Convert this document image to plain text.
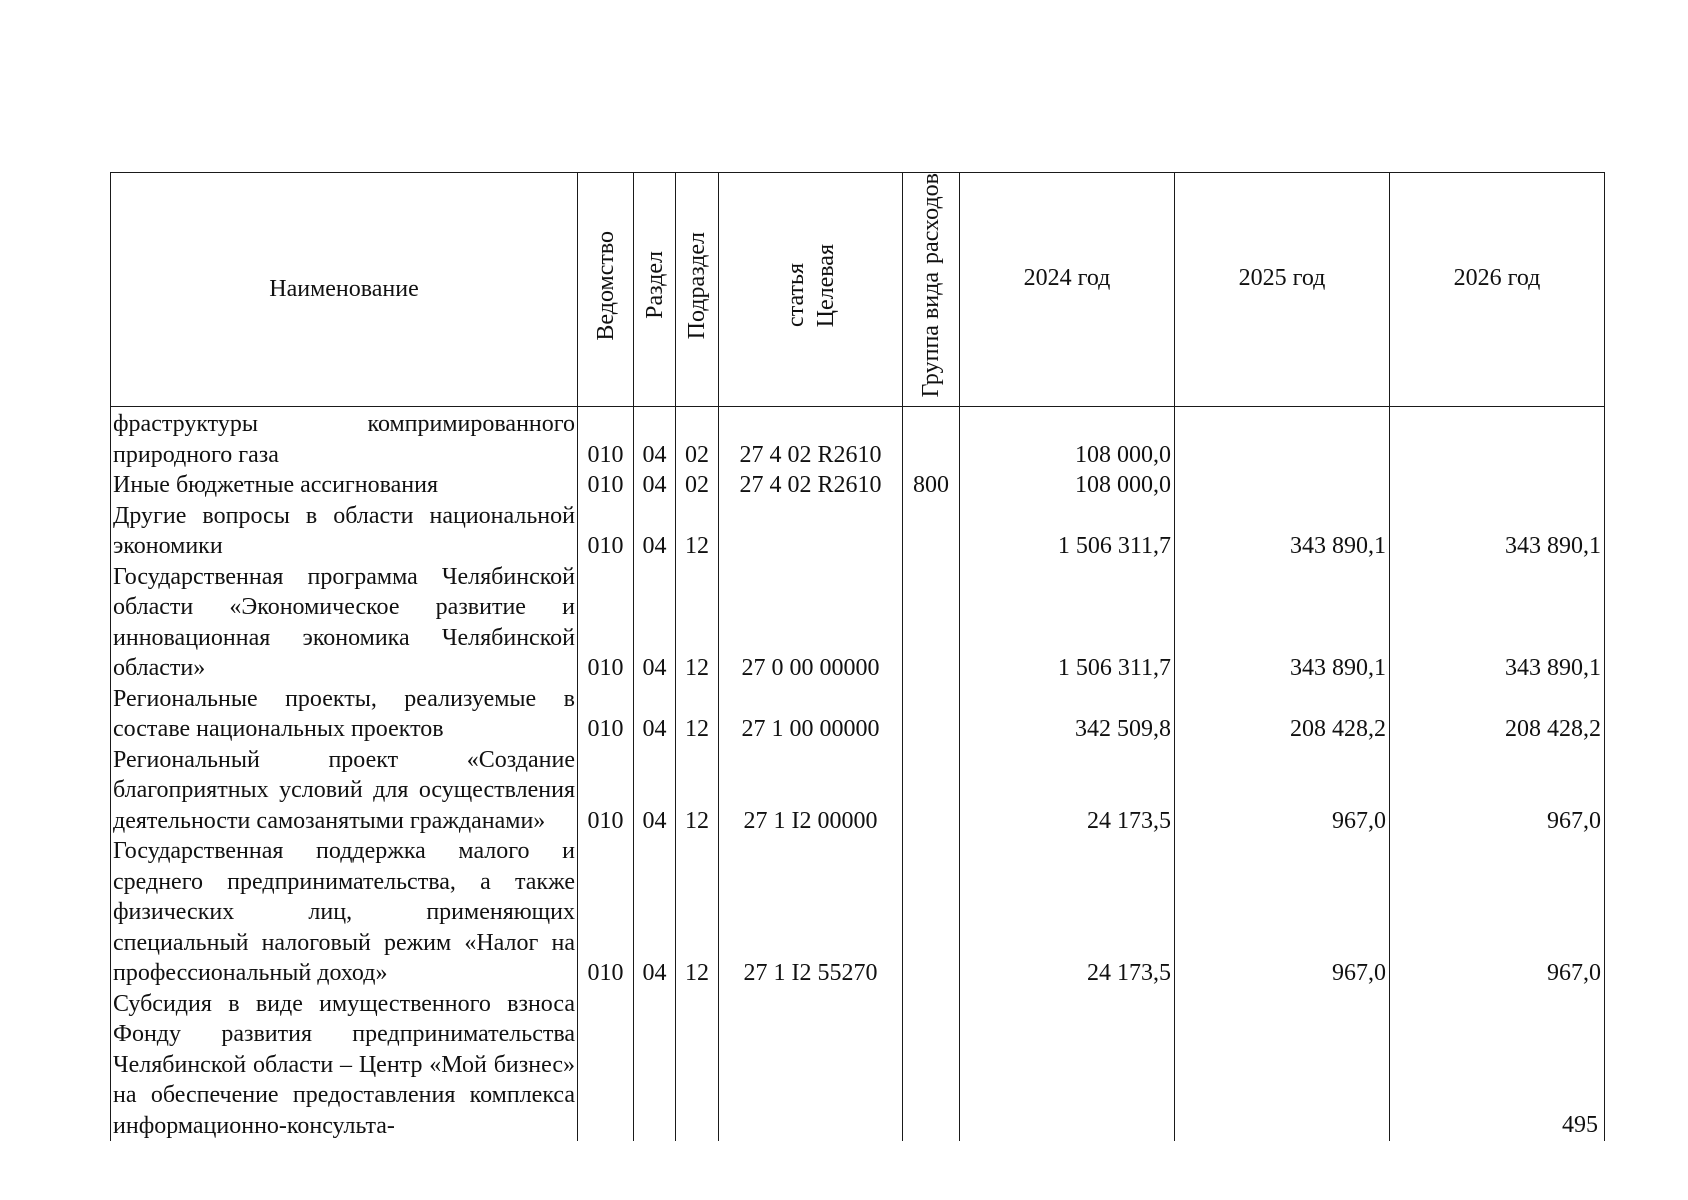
Наименование	Ведомство	Раздел	Подраздел	статья Целевая	расходовГруппа вида	2024 год	2025 год	2026 год
фраструктуры компримированного природного газа	010	04	02	27 4 02 R2610		108 000,0		
Иные бюджетные ассигнования	010	04	02	27 4 02 R2610	800	108 000,0		
Другие вопросы в области национальной экономики	010	04	12			1 506 311,7	343 890,1	343 890,1
Государственная программа Челябинской области «Экономическое развитие и инновационная экономика Челябинской области»	010	04	12	27 0 00 00000		1 506 311,7	343 890,1	343 890,1
Региональные проекты, реализуемые в составе национальных проектов	010	04	12	27 1 00 00000		342 509,8	208 428,2	208 428,2
Региональный проект «Создание благоприятных условий для осуществления деятельности самозанятыми гражданами»	010	04	12	27 1 I2 00000		24 173,5	967,0	967,0
Государственная поддержка малого и среднего предпринимательства, а также физических лиц, применяющих специальный налоговый режим «Налог на профессиональный доход»	010	04	12	27 1 I2 55270		24 173,5	967,0	967,0
Субсидия в виде имущественного взноса Фонду развития предпринимательства Челябинской области – Центр «Мой бизнес» на обеспечение предоставления комплекса информационно-консульта-									495
